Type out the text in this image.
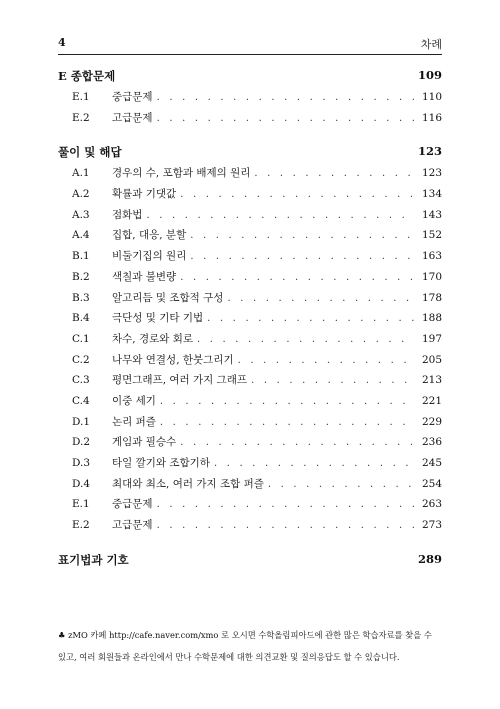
4	차례
E 종합문제	109
E.1	중급문제 . . .	110
E.2	고급문제 . . .	116
풀이 및 해답	123
A.1	경우의 수, 포함과 배제의 원리 . . .	123
A.2	확률과 기댓값 . . .	134
A.3	점화법 . . .	143
A.4	집합, 대응, 분할 . . .	152
B.1	비둘기집의 원리 . . .	163
B.2	색칠과 불변량 . . .	170
B.3	알고리듬 및 조합적 구성 . . .	178
B.4	극단성 및 기타 기법 . . .	188
C.1	차수, 경로와 회로 . . .	197
C.2	나무와 연결성, 한붓그리기 . . .	205
C.3	평면그래프, 여러 가지 그래프 . . .	213
C.4	이중 세기 . . .	221
D.1	논리 퍼즐 . . .	229
D.2	게임과 필승수 . . .	236
D.3	타일 깔기와 조합기하 . . .	245
D.4	최대와 최소, 여러 가지 조합 퍼즐 . . .	254
E.1	중급문제 . . .	263
E.2	고급문제 . . .	273
표기법과 기호	289
♣ zMO 카페 http://cafe.naver.com/xmo 로 오시면 수학올림피아드에 관한 많은 학습자료를 찾을 수 있고, 여러 회원들과 온라인에서 만나 수학문제에 대한 의견교환 및 질의응답도 할 수 있습니다.
